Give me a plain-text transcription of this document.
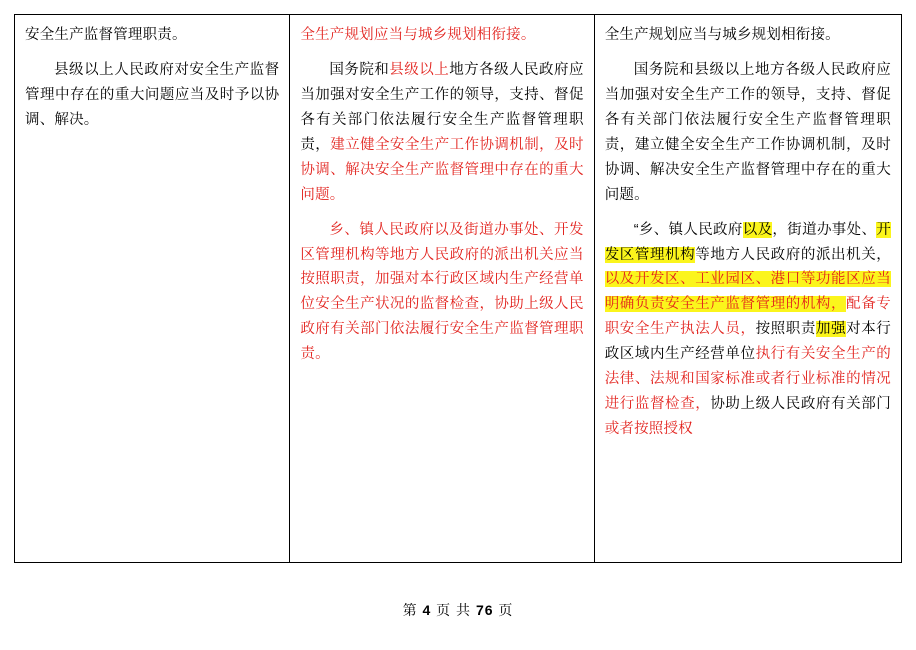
安全生产监督管理职责。

县级以上人民政府对安全生产监督管理中存在的重大问题应当及时予以协调、解决。

全生产规划应当与城乡规划相衔接。

国务院和县级以上地方各级人民政府应当加强对安全生产工作的领导，支持、督促各有关部门依法履行安全生产监督管理职责，建立健全安全生产工作协调机制，及时协调、解决安全生产监督管理中存在的重大问题。

乡、镇人民政府以及街道办事处、开发区管理机构等地方人民政府的派出机关应当按照职责，加强对本行政区域内生产经营单位安全生产状况的监督检查，协助上级人民政府有关部门依法履行安全生产监督管理职责。

全生产规划应当与城乡规划相衔接。

国务院和县级以上地方各级人民政府应当加强对安全生产工作的领导，支持、督促各有关部门依法履行安全生产监督管理职责，建立健全安全生产工作协调机制，及时协调、解决安全生产监督管理中存在的重大问题。

“乡、镇人民政府以及，街道办事处、开发区管理机构等地方人民政府的派出机关，以及开发区、工业园区、港口等功能区应当明确负责安全生产监督管理的机构，配备专职安全生产执法人员，按照职责加强对本行政区域内生产经营单位执行有关安全生产的法律、法规和国家标准或者行业标准的情况进行监督检查，协助上级人民政府有关部门或者按照授权

第 4 页 共 76 页
